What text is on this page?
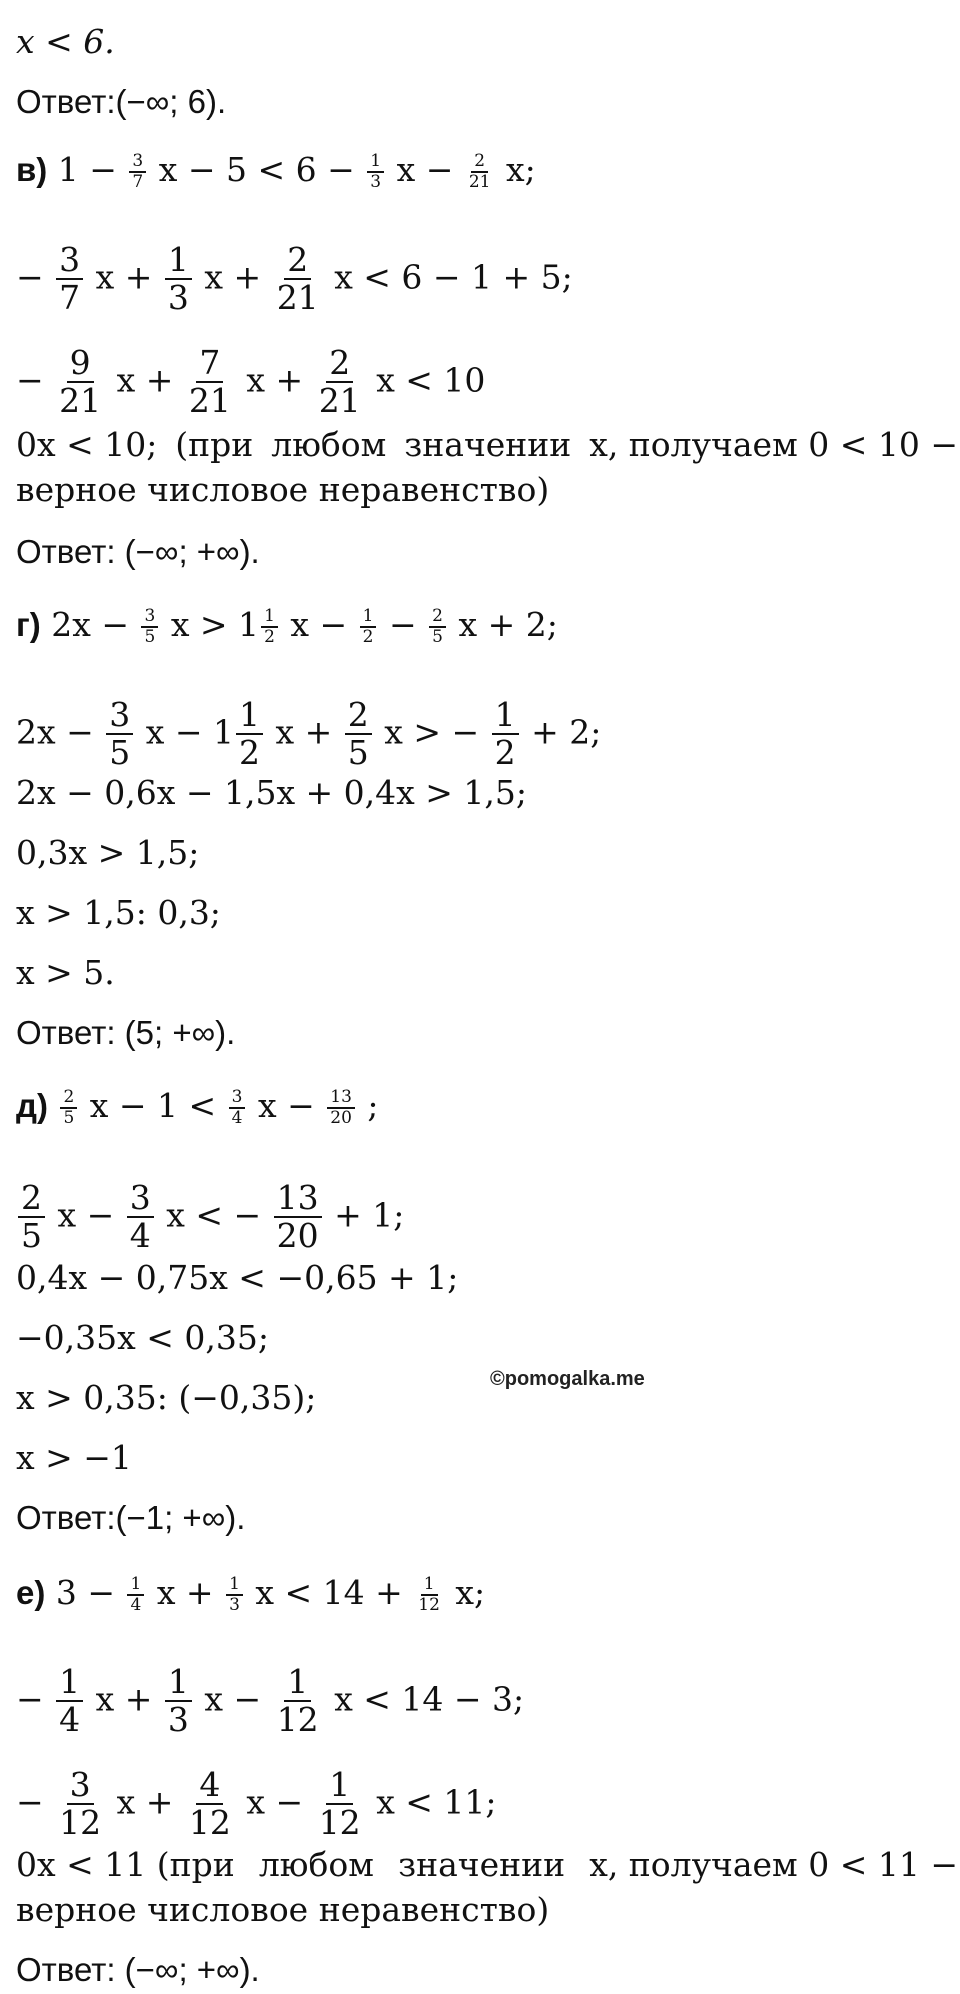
x < 6.
Ответ:(−∞; 6).
в) $1 - \frac{3}{7}$ $x - 5 < 6 - \frac{1}{3}$ $x - \frac{2}{21} x$;
− $\frac{3}{7}$ $x + \frac{1}{3}$ $x + \frac{2}{21}$ x < 6 − 1 + 5;
− $\frac{9}{21}$ $x + \frac{7}{21}$ $x + \frac{2}{21}$ x < 10
0x < 10; (при любом значении x, получаем 0 < 10 −
верное числовое неравенство)
Ответ: (−∞; +∞).
г) $2x - \frac{3}{5}$ $x > 1 \frac{1}{2}$ $x - \frac{1}{2} - \frac{2}{5}$ x + 2;
$2x - \frac{3}{5}$ $x - 1 \frac{1}{2}$ $x + \frac{2}{5}$ x > − $\frac{1}{2} + 2$;
2x − 0,6x − 1,5x + 0,4x > 1,5;
0,3x > 1,5;
x > 1,5: 0,3;
x > 5.
Ответ: (5; +∞).
$д) \frac{2}{5}$ $x - 1 < \frac{3}{4}$ $x - \frac{13}{20}$ ;
$\frac{2}{5}$ $x - \frac{3}{4}$ x < − $\frac{13}{20} + 1$;
0,4x − 0,75x < −0,65 + 1;
−0,35x < 0,35;
x > 0,35: (−0,35);
x > −1
Ответ:(−1; +∞).
е) $3 - \frac{1}{4}$ $x + \frac{1}{3}$ $x < 14 + \frac{1}{12} x$;
− $\frac{1}{4}$ $x + \frac{1}{3}$ $x - \frac{1}{12}$ x < 14 − 3;
− $\frac{3}{12}$ $x + \frac{4}{12}$ $x - \frac{1}{12}$ x < 11;
0x < 11 (при любом значении x, получаем 0 < 11 −
верное числовое неравенство)
Ответ: (−∞; +∞).
©pomogalka.me
